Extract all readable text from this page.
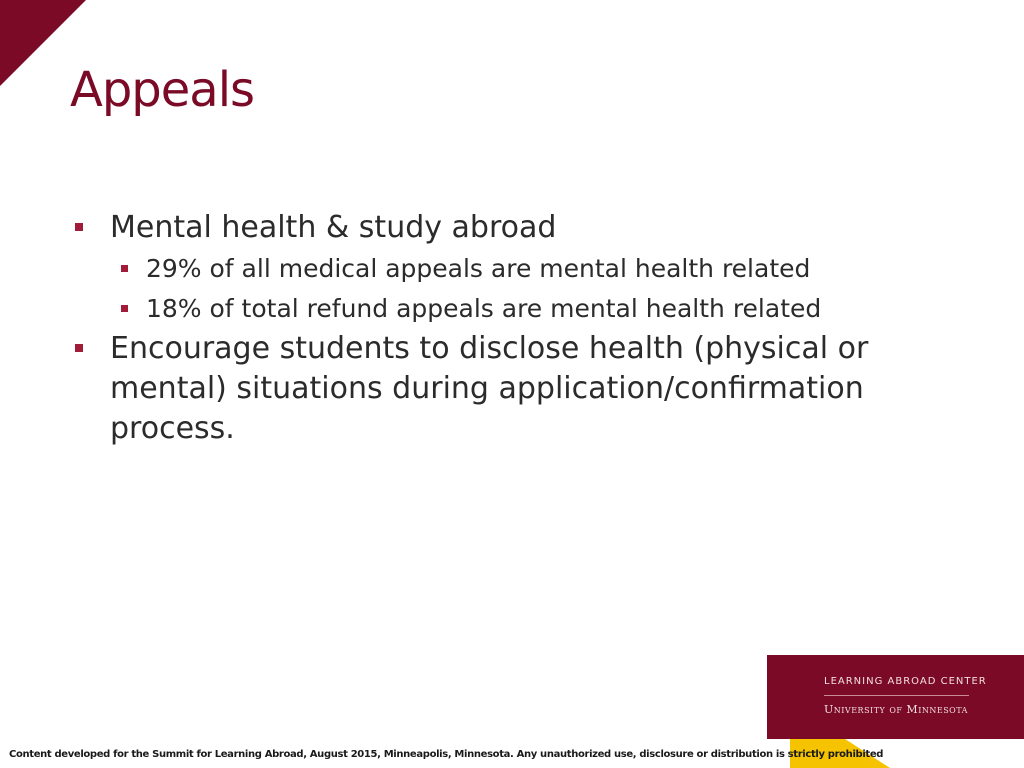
Appeals
Mental health & study abroad
29% of all medical appeals are mental health related
18% of total refund appeals are mental health related
Encourage students to disclose health (physical or mental) situations during application/confirmation process.
LEARNING ABROAD CENTER
University of Minnesota
Content developed for the Summit for Learning Abroad, August 2015, Minneapolis, Minnesota. Any unauthorized use, disclosure or distribution is strictly prohibited
